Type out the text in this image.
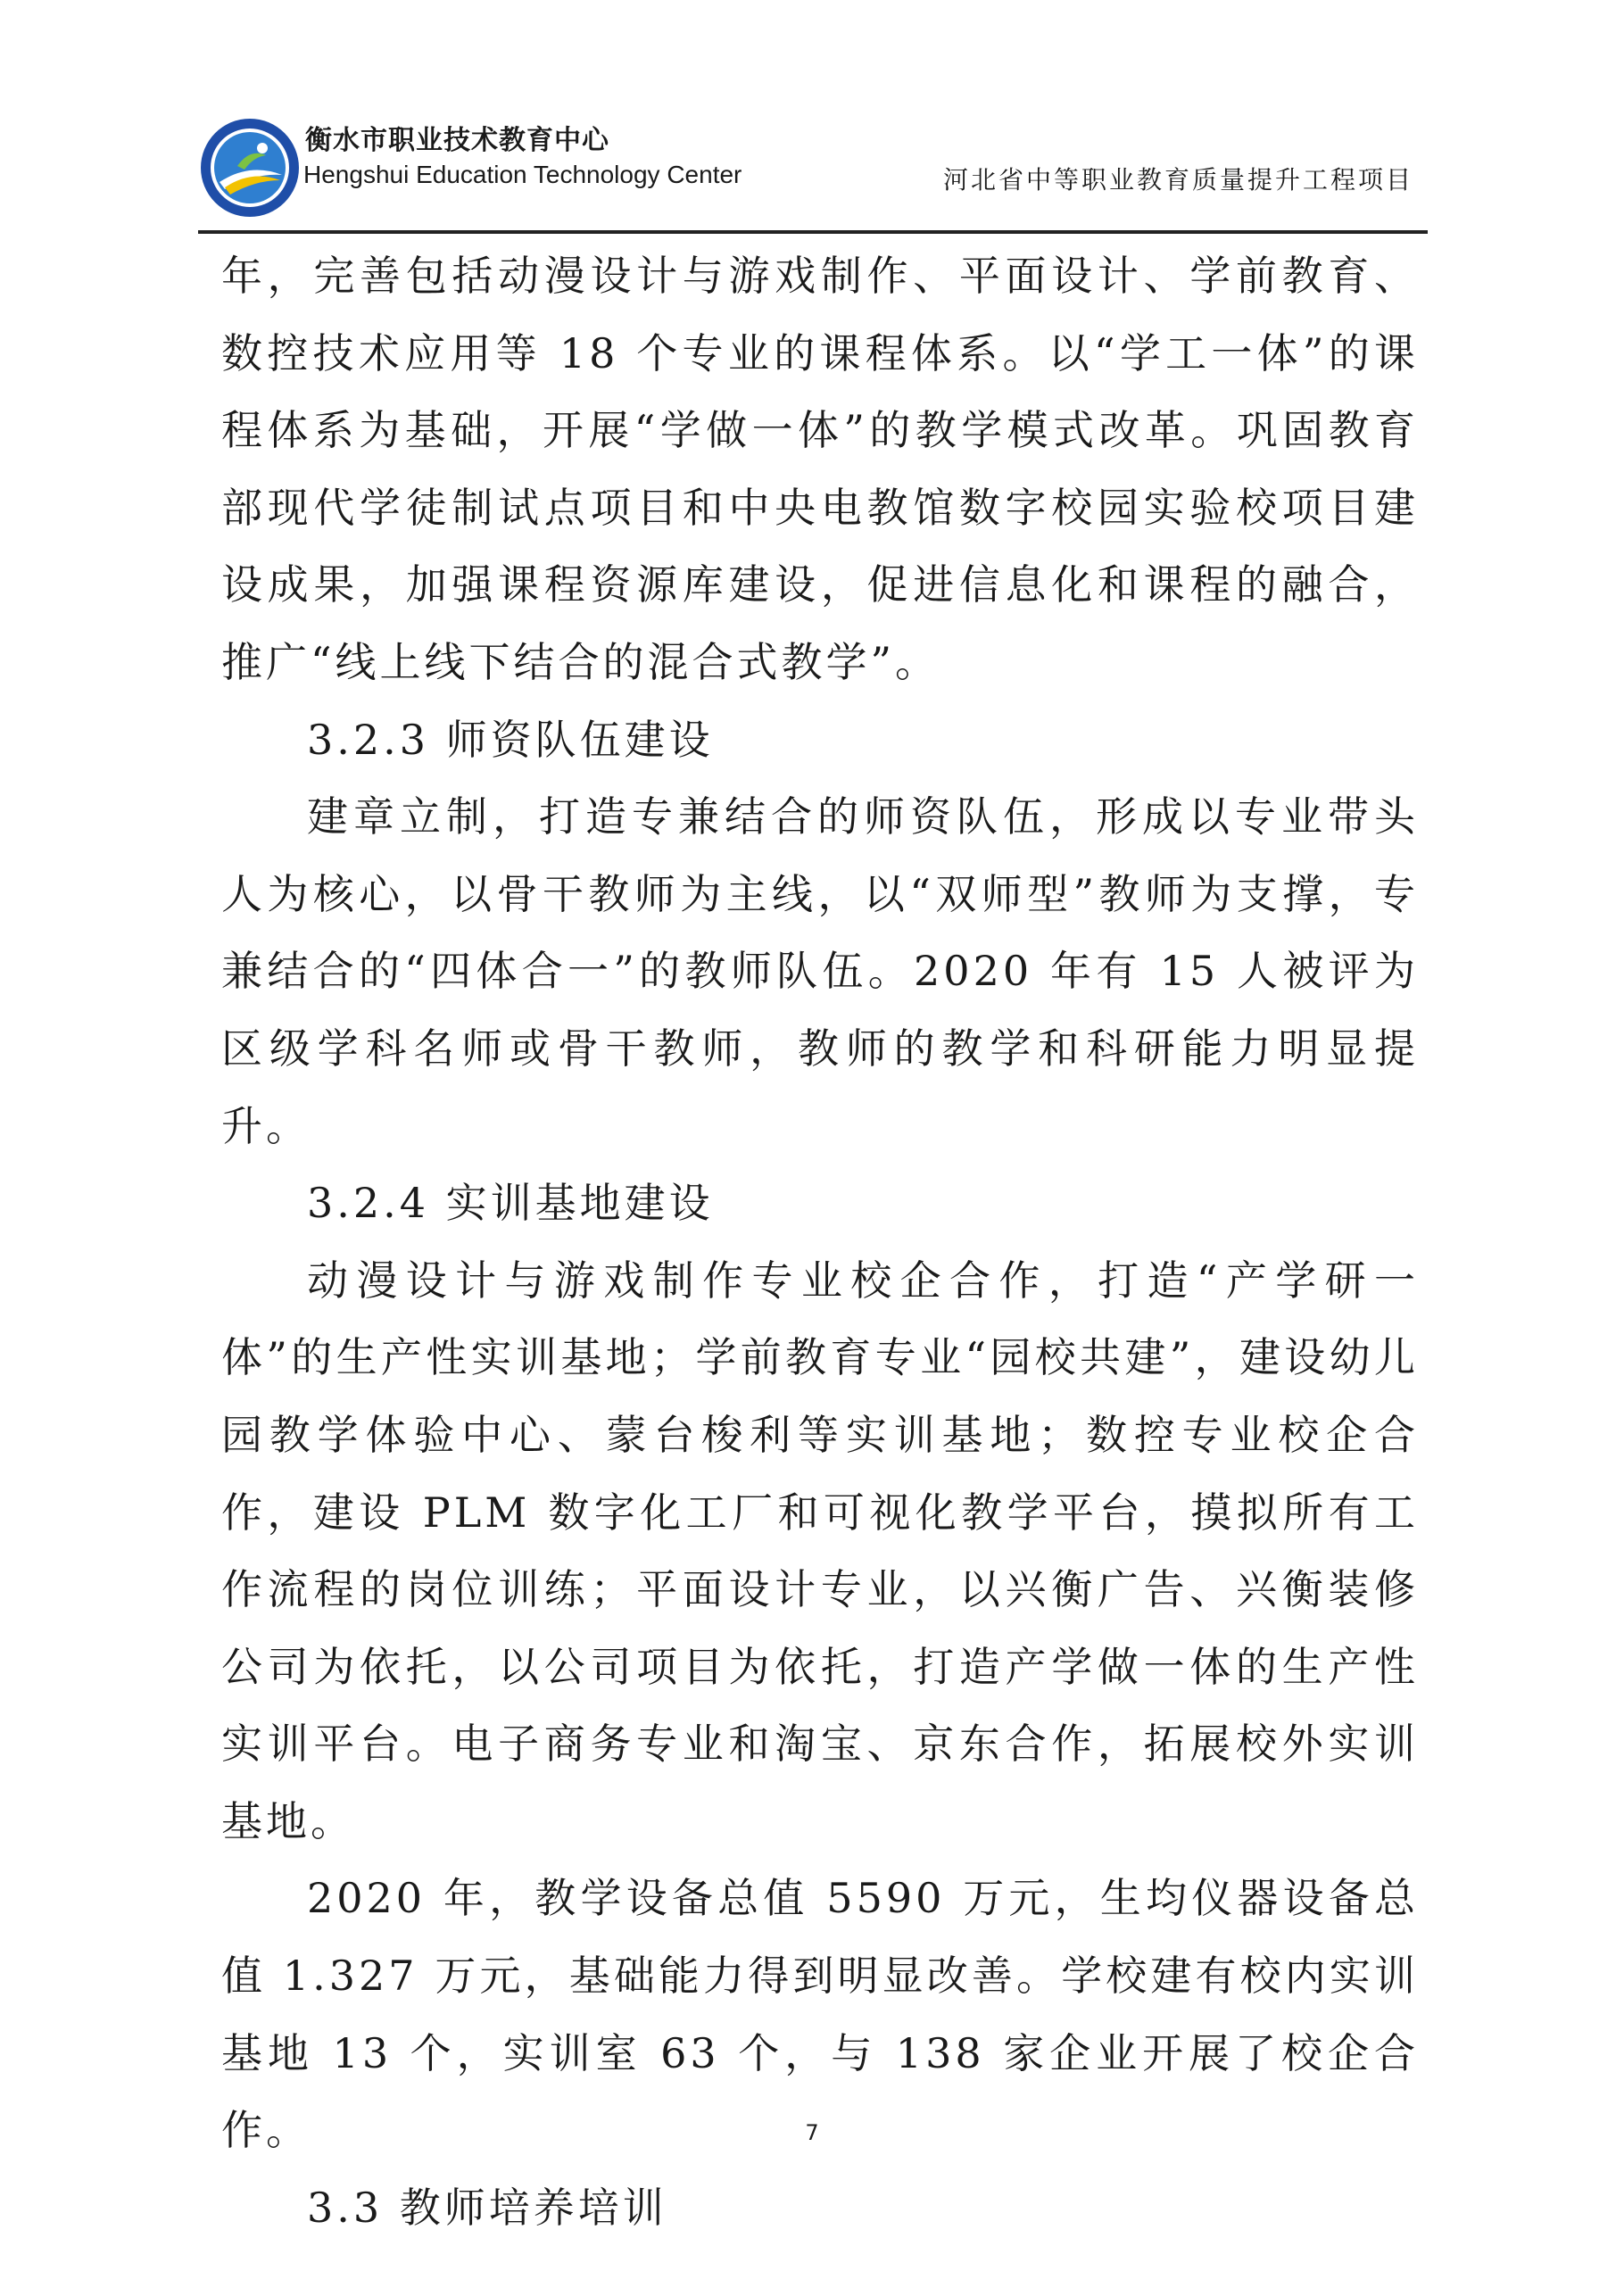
衡水市职业技术教育中心
Hengshui Education Technology Center	河北省中等职业教育质量提升工程项目

年，完善包括动漫设计与游戏制作、平面设计、学前教育、数控技术应用等 18 个专业的课程体系。以“学工一体”的课程体系为基础，开展“学做一体”的教学模式改革。巩固教育部现代学徒制试点项目和中央电教馆数字校园实验校项目建设成果，加强课程资源库建设，促进信息化和课程的融合，推广“线上线下结合的混合式教学”。

3.2.3 师资队伍建设

建章立制，打造专兼结合的师资队伍，形成以专业带头人为核心，以骨干教师为主线，以“双师型”教师为支撑，专兼结合的“四体合一”的教师队伍。2020 年有 15 人被评为区级学科名师或骨干教师，教师的教学和科研能力明显提升。

3.2.4 实训基地建设

动漫设计与游戏制作专业校企合作，打造“产学研一体”的生产性实训基地；学前教育专业“园校共建”，建设幼儿园教学体验中心、蒙台梭利等实训基地；数控专业校企合作，建设 PLM 数字化工厂和可视化教学平台，摸拟所有工作流程的岗位训练；平面设计专业，以兴衡广告、兴衡装修公司为依托，以公司项目为依托，打造产学做一体的生产性实训平台。电子商务专业和淘宝、京东合作，拓展校外实训基地。

2020 年，教学设备总值 5590 万元，生均仪器设备总值 1.327 万元，基础能力得到明显改善。学校建有校内实训基地 13 个，实训室 63 个，与 138 家企业开展了校企合作。

3.3 教师培养培训

7
